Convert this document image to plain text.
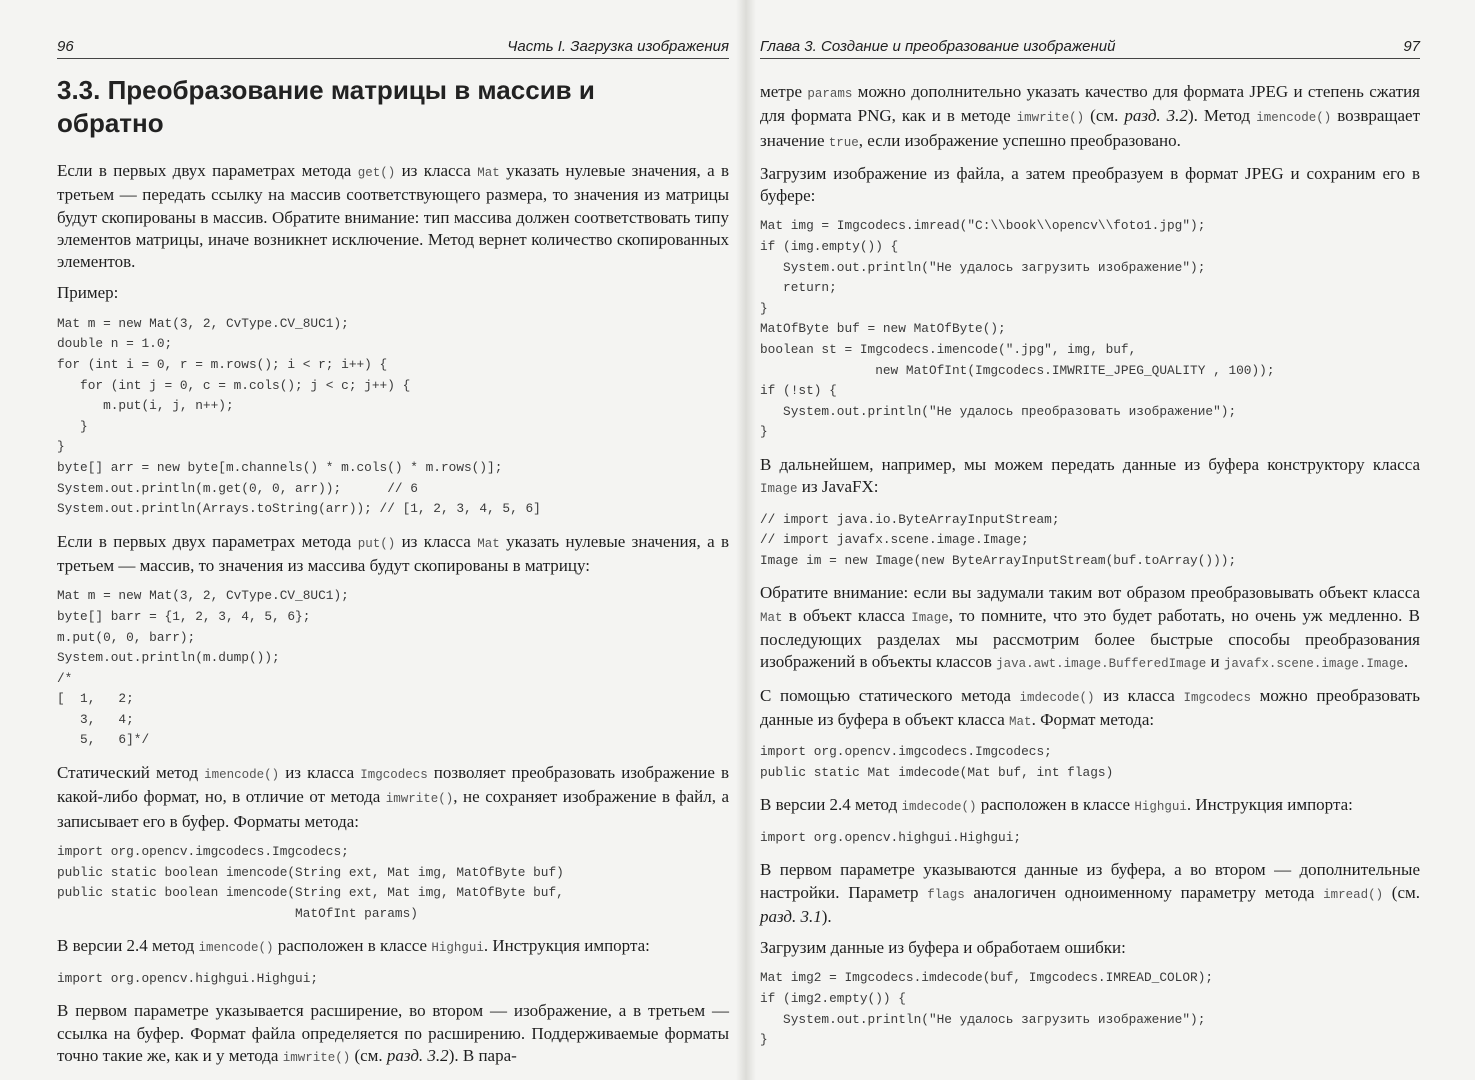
96	Часть I. Загрузка изображения
3.3. Преобразование матрицы в массив и обратно

Если в первых двух параметрах метода get() из класса Mat указать нулевые значения, а в третьем — передать ссылку на массив соответствующего размера, то значения из матрицы будут скопированы в массив. Обратите внимание: тип массива должен соответствовать типу элементов матрицы, иначе возникнет исключение. Метод вернет количество скопированных элементов.

Пример:

Mat m = new Mat(3, 2, CvType.CV_8UC1);
double n = 1.0;
for (int i = 0, r = m.rows(); i < r; i++) {
for (int j = 0, c = m.cols(); j < c; j++) {
m.put(i, j, n++);
}
}
byte[] arr = new byte[m.channels() * m.cols() * m.rows()];
System.out.println(m.get(0, 0, arr));      // 6
System.out.println(Arrays.toString(arr)); // [1, 2, 3, 4, 5, 6]

Если в первых двух параметрах метода put() из класса Mat указать нулевые значения, а в третьем — массив, то значения из массива будут скопированы в матрицу:

Mat m = new Mat(3, 2, CvType.CV_8UC1);
byte[] barr = {1, 2, 3, 4, 5, 6};
m.put(0, 0, barr);
System.out.println(m.dump());
/*
[  1,   2;
3,   4;
5,   6]*/

Статический метод imencode() из класса Imgcodecs позволяет преобразовать изображение в какой-либо формат, но, в отличие от метода imwrite(), не сохраняет изображение в файл, а записывает его в буфер. Форматы метода:

import org.opencv.imgcodecs.Imgcodecs;
public static boolean imencode(String ext, Mat img, MatOfByte buf)
public static boolean imencode(String ext, Mat img, MatOfByte buf,
MatOfInt params)

В версии 2.4 метод imencode() расположен в классе Highgui. Инструкция импорта:

import org.opencv.highgui.Highgui;

В первом параметре указывается расширение, во втором — изображение, а в третьем — ссылка на буфер. Формат файла определяется по расширению. Поддерживаемые форматы точно такие же, как и у метода imwrite() (см. разд. 3.2). В пара-

Глава 3. Создание и преобразование изображений	97

метре params можно дополнительно указать качество для формата JPEG и степень сжатия для формата PNG, как и в методе imwrite() (см. разд. 3.2). Метод imencode() возвращает значение true, если изображение успешно преобразовано.

Загрузим изображение из файла, а затем преобразуем в формат JPEG и сохраним его в буфере:

Mat img = Imgcodecs.imread("C:\\book\\opencv\\foto1.jpg");
if (img.empty()) {
System.out.println("Не удалось загрузить изображение");
return;
}
MatOfByte buf = new MatOfByte();
boolean st = Imgcodecs.imencode(".jpg", img, buf,
new MatOfInt(Imgcodecs.IMWRITE_JPEG_QUALITY , 100));
if (!st) {
System.out.println("Не удалось преобразовать изображение");
}

В дальнейшем, например, мы можем передать данные из буфера конструктору класса Image из JavaFX:

// import java.io.ByteArrayInputStream;
// import javafx.scene.image.Image;
Image im = new Image(new ByteArrayInputStream(buf.toArray()));

Обратите внимание: если вы задумали таким вот образом преобразовывать объект класса Mat в объект класса Image, то помните, что это будет работать, но очень уж медленно. В последующих разделах мы рассмотрим более быстрые способы преобразования изображений в объекты классов java.awt.image.BufferedImage и javafx.scene.image.Image.

С помощью статического метода imdecode() из класса Imgcodecs можно преобразовать данные из буфера в объект класса Mat. Формат метода:

import org.opencv.imgcodecs.Imgcodecs;
public static Mat imdecode(Mat buf, int flags)

В версии 2.4 метод imdecode() расположен в классе Highgui. Инструкция импорта:

import org.opencv.highgui.Highgui;

В первом параметре указываются данные из буфера, а во втором — дополнительные настройки. Параметр flags аналогичен одноименному параметру метода imread() (см. разд. 3.1).

Загрузим данные из буфера и обработаем ошибки:

Mat img2 = Imgcodecs.imdecode(buf, Imgcodecs.IMREAD_COLOR);
if (img2.empty()) {
System.out.println("Не удалось загрузить изображение");
}
